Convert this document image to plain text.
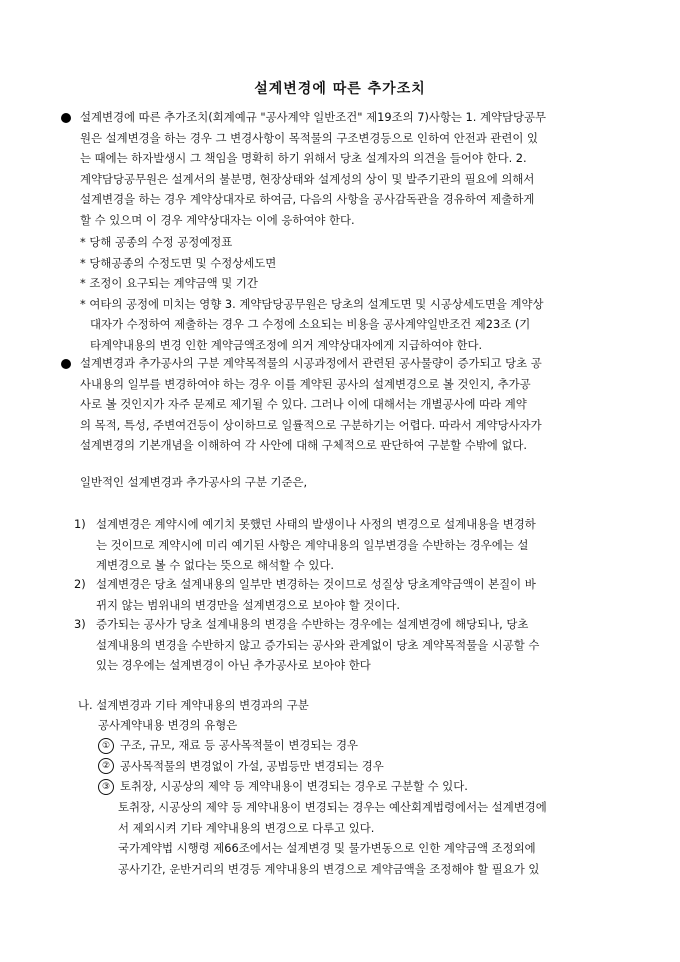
설계변경에 따른 추가조치

설계변경에 따른 추가조치(회계예규 "공사계약 일반조건" 제19조의 7)사항는 1. 계약담당공무

원은 설계변경을 하는 경우 그 변경사항이 목적물의 구조변경등으로 인하여 안전과 관련이 있

는 때에는 하자발생시 그 책임을 명확히 하기 위해서 당초 설계자의 의견을 들어야 한다. 2.

계약담당공무원은 설계서의 불분명, 현장상태와 설계성의 상이 및 발주기관의 필요에 의해서

설계변경을 하는 경우 계약상대자로 하여금, 다음의 사항을 공사감독관을 경유하여 제출하게

할 수 있으며 이 경우 계약상대자는 이에 응하여야 한다.

* 당해 공종의 수정 공정예정표

* 당해공종의 수정도면 및 수정상세도면

* 조정이 요구되는 계약금액 및 기간

* 여타의 공정에 미치는 영향 3. 계약담당공무원은 당초의 설계도면 및 시공상세도면을 계약상

대자가 수정하여 제출하는 경우 그 수정에 소요되는 비용을 공사계약일반조건 제23조 (기

타계약내용의 변경 인한 계약금액조정에 의거 계약상대자에게 지급하여야 한다.

설계변경과 추가공사의 구분 계약목적물의 시공과정에서 관련된 공사물량이 증가되고 당초 공

사내용의 일부를 변경하여야 하는 경우 이를 계약된 공사의 설계변경으로 볼 것인지, 추가공

사로 볼 것인지가 자주 문제로 제기될 수 있다. 그러나 이에 대해서는 개별공사에 따라 계약

의 목적, 특성, 주변여건등이 상이하므로 일률적으로 구분하기는 어렵다. 따라서 계약당사자가

설계변경의 기본개념을 이해하여 각 사안에 대해 구체적으로 판단하여 구분할 수밖에 없다.

일반적인 설계변경과 추가공사의 구분 기준은,

1) 설계변경은 계약시에 예기치 못했던 사태의 발생이나 사정의 변경으로 설계내용을 변경하

는 것이므로 계약시에 미리 예기된 사항은 계약내용의 일부변경을 수반하는 경우에는 설

계변경으로 볼 수 없다는 뜻으로 해석할 수 있다.

2) 설계변경은 당초 설계내용의 일부만 변경하는 것이므로 성질상 당초계약금액이 본질이 바

뀌지 않는 범위내의 변경만을 설계변경으로 보아야 할 것이다.

3) 증가되는 공사가 당초 설계내용의 변경을 수반하는 경우에는 설계변경에 해당되나, 당초

설계내용의 변경을 수반하지 않고 증가되는 공사와 관계없이 당초 계약목적물을 시공할 수

있는 경우에는 설계변경이 아닌 추가공사로 보아야 한다

나. 설계변경과 기타 계약내용의 변경과의 구분
공사계약내용 변경의 유형은

① 구조, 규모, 재료 등 공사목적물이 변경되는 경우

② 공사목적물의 변경없이 가설, 공법등만 변경되는 경우

③ 토취장, 시공상의 제약 등 계약내용이 변경되는 경우로 구분할 수 있다.

토취장, 시공상의 제약 등 계약내용이 변경되는 경우는 예산회계법령에서는 설계변경에

서 제외시켜 기타 계약내용의 변경으로 다루고 있다.

국가계약법 시행령 제66조에서는 설계변경 및 물가변동으로 인한 계약금액 조정외에

공사기간, 운반거리의 변경등 계약내용의 변경으로 계약금액을 조정해야 할 필요가 있
